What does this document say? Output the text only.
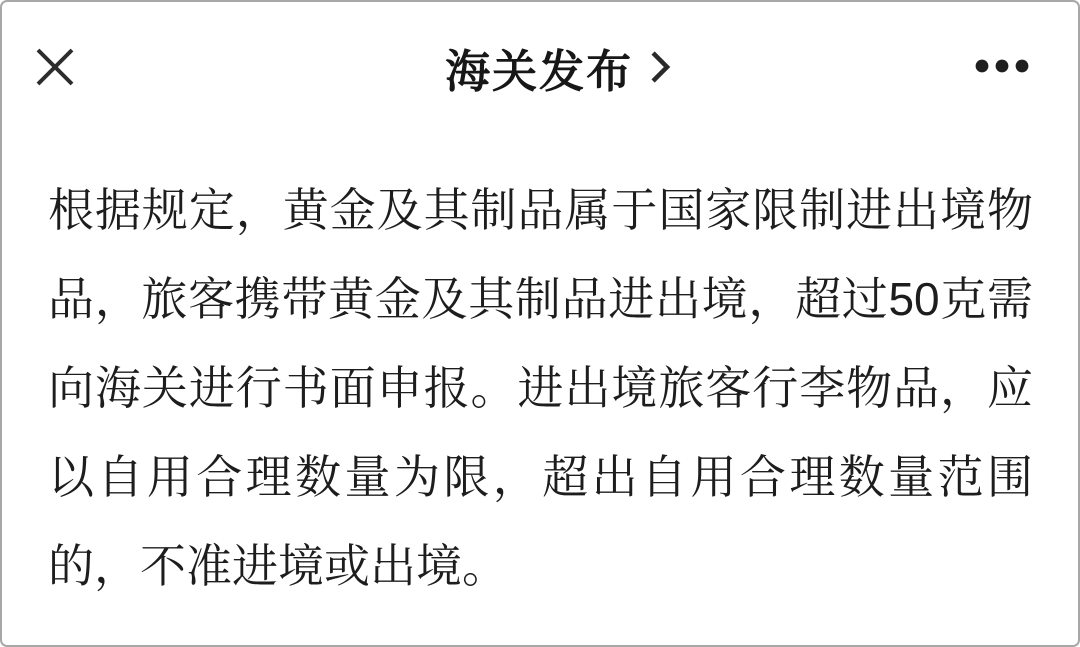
海关发布
根据规定，黄金及其制品属于国家限制进出境物
品，旅客携带黄金及其制品进出境，超过50克需
向海关进行书面申报。进出境旅客行李物品，应
以自用合理数量为限，超出自用合理数量范围
的，不准进境或出境。
